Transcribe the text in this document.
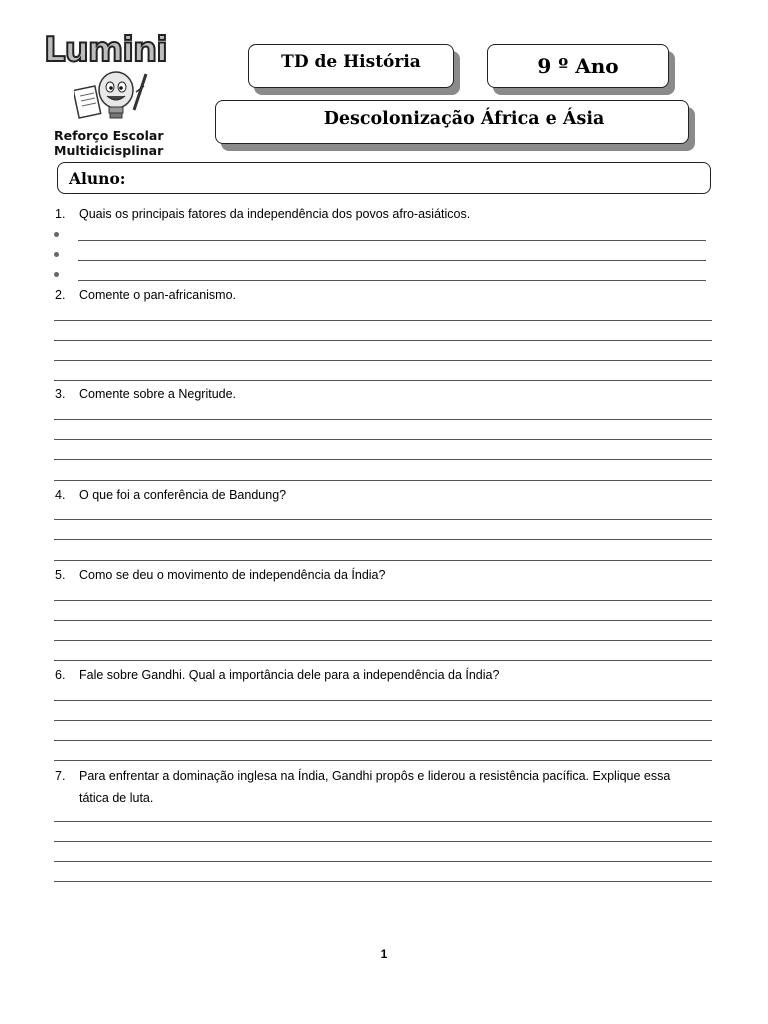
Lumini
Reforço Escolar
Multidicisplinar
TD de História	9 º Ano
Descolonização África e Ásia
Aluno:
1. Quais os principais fatores da independência dos povos afro-asiáticos.
2. Comente o pan-africanismo.
3. Comente sobre a Negritude.
4. O que foi a conferência de Bandung?
5. Como se deu o movimento de independência da Índia?
6. Fale sobre Gandhi. Qual a importância dele para a independência da Índia?
7. Para enfrentar a dominação inglesa na Índia, Gandhi propôs e liderou a resistência pacífica. Explique essa
tática de luta.
1
